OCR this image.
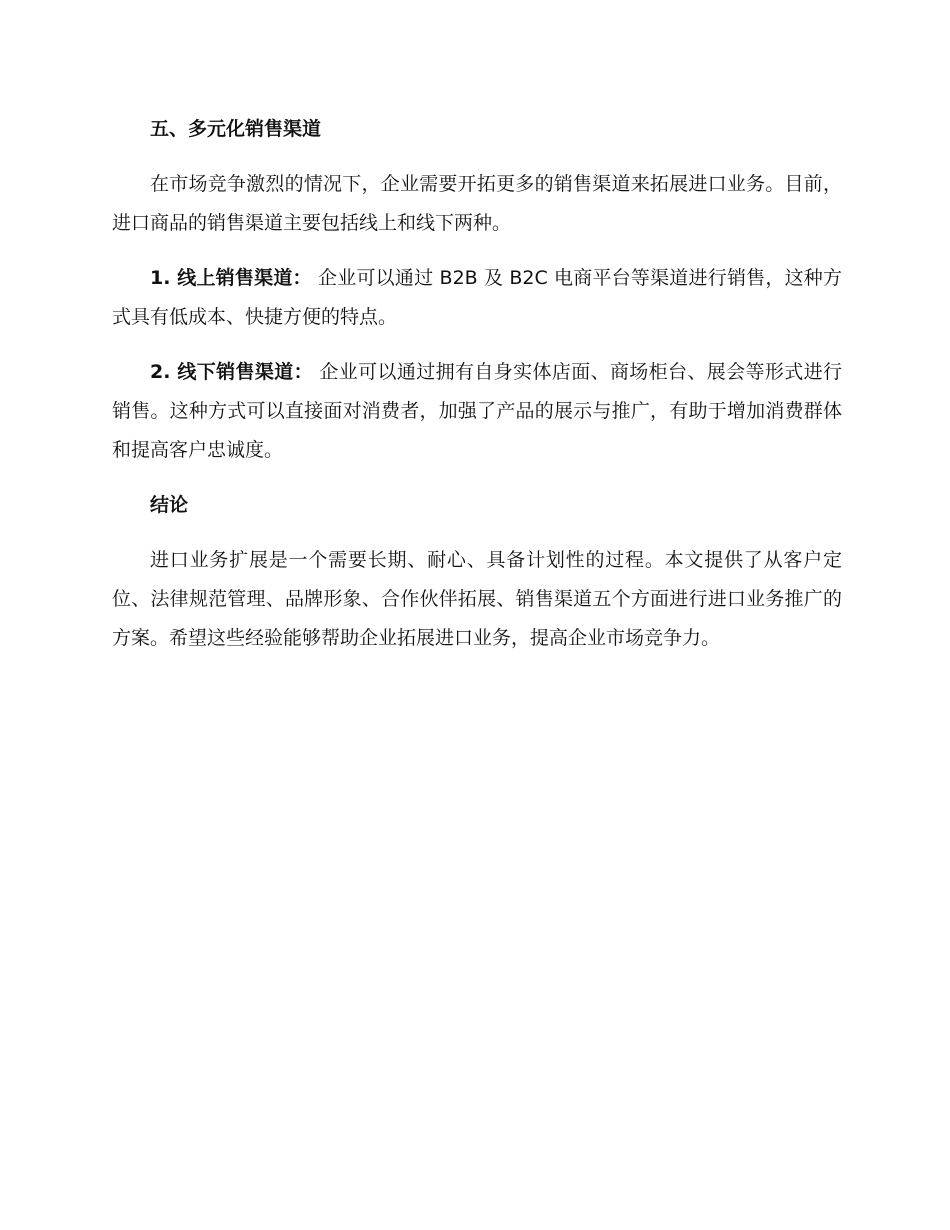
五、多元化销售渠道

在市场竞争激烈的情况下，企业需要开拓更多的销售渠道来拓展进口业务。目前，进口商品的销售渠道主要包括线上和线下两种。

1. 线上销售渠道： 企业可以通过 B2B 及 B2C 电商平台等渠道进行销售，这种方式具有低成本、快捷方便的特点。

2. 线下销售渠道： 企业可以通过拥有自身实体店面、商场柜台、展会等形式进行销售。这种方式可以直接面对消费者，加强了产品的展示与推广，有助于增加消费群体和提高客户忠诚度。

结论

进口业务扩展是一个需要长期、耐心、具备计划性的过程。本文提供了从客户定位、法律规范管理、品牌形象、合作伙伴拓展、销售渠道五个方面进行进口业务推广的方案。希望这些经验能够帮助企业拓展进口业务，提高企业市场竞争力。
